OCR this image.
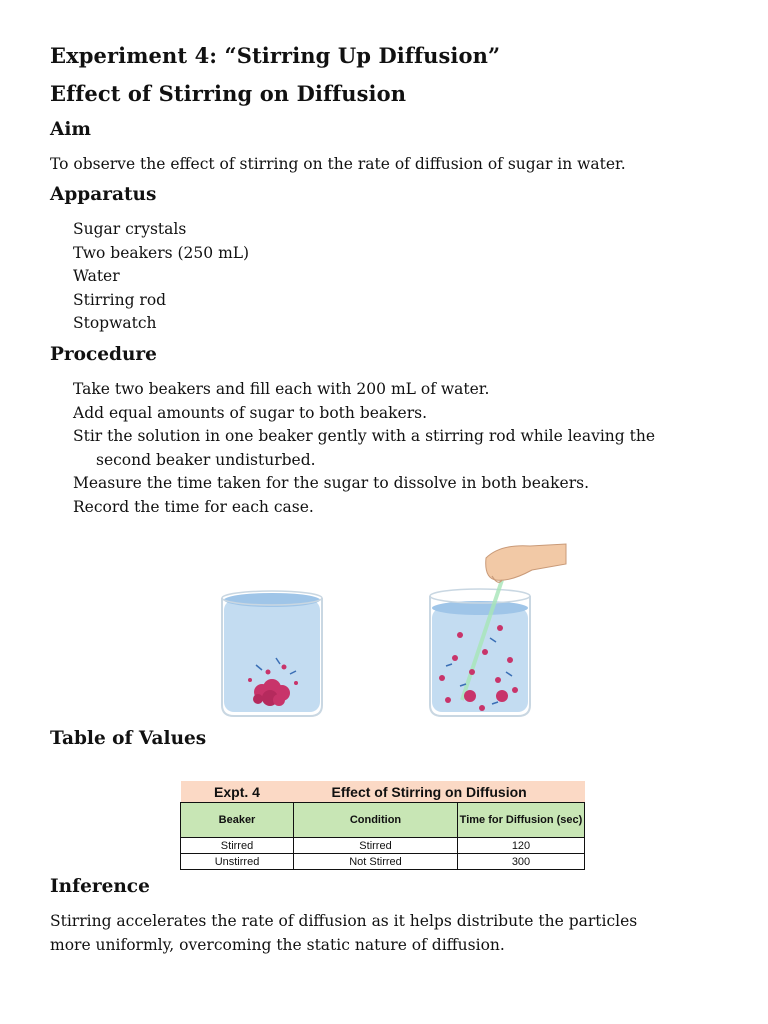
Experiment 4: “Stirring Up Diffusion”
Effect of Stirring on Diffusion
Aim
To observe the effect of stirring on the rate of diffusion of sugar in water.
Apparatus
Sugar crystals
Two beakers (250 mL)
Water
Stirring rod
Stopwatch
Procedure
Take two beakers and fill each with 200 mL of water.
Add equal amounts of sugar to both beakers.
Stir the solution in one beaker gently with a stirring rod while leaving the
second beaker undisturbed.
Measure the time taken for the sugar to dissolve in both beakers.
Record the time for each case.
Table of Values
Expt. 4	Effect of Stirring on Diffusion	
Beaker	Condition	Time for Diffusion (sec)
Stirred	Stirred	120
Unstirred	Not Stirred	300
Inference
Stirring accelerates the rate of diffusion as it helps distribute the particles
more uniformly, overcoming the static nature of diffusion.
